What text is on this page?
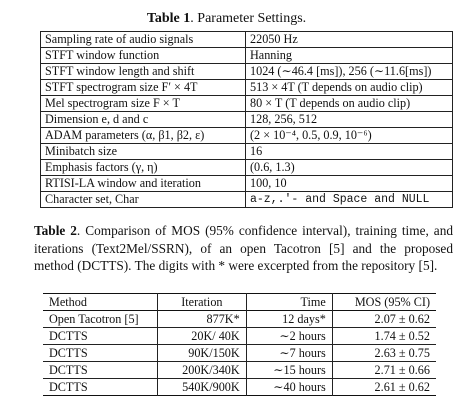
Table 1. Parameter Settings.
Sampling rate of audio signals	22050 Hz
STFT window function	Hanning
STFT window length and shift	1024 (∼46.4 [ms]), 256 (∼11.6[ms])
STFT spectrogram size F′ × 4T	513 × 4T (T depends on audio clip)
Mel spectrogram size F × T	80 × T (T depends on audio clip)
Dimension e, d and c	128, 256, 512
ADAM parameters (α, β1, β2, ε)	(2 × 10⁻⁴, 0.5, 0.9, 10⁻⁶)
Minibatch size	16
Emphasis factors (γ, η)	(0.6, 1.3)
RTISI-LA window and iteration	100, 10
Character set, Char	a-z,.'- and Space and NULL
Table 2. Comparison of MOS (95% confidence interval), training time, and iterations (Text2Mel/SSRN), of an open Tacotron [5] and the proposed method (DCTTS). The digits with * were excerpted from the repository [5].
Method	Iteration	Time	MOS (95% CI)
Open Tacotron [5]	877K*	12 days*	2.07 ± 0.62
DCTTS	20K/ 40K	∼2 hours	1.74 ± 0.52
DCTTS	90K/150K	∼7 hours	2.63 ± 0.75
DCTTS	200K/340K	∼15 hours	2.71 ± 0.66
DCTTS	540K/900K	∼40 hours	2.61 ± 0.62
